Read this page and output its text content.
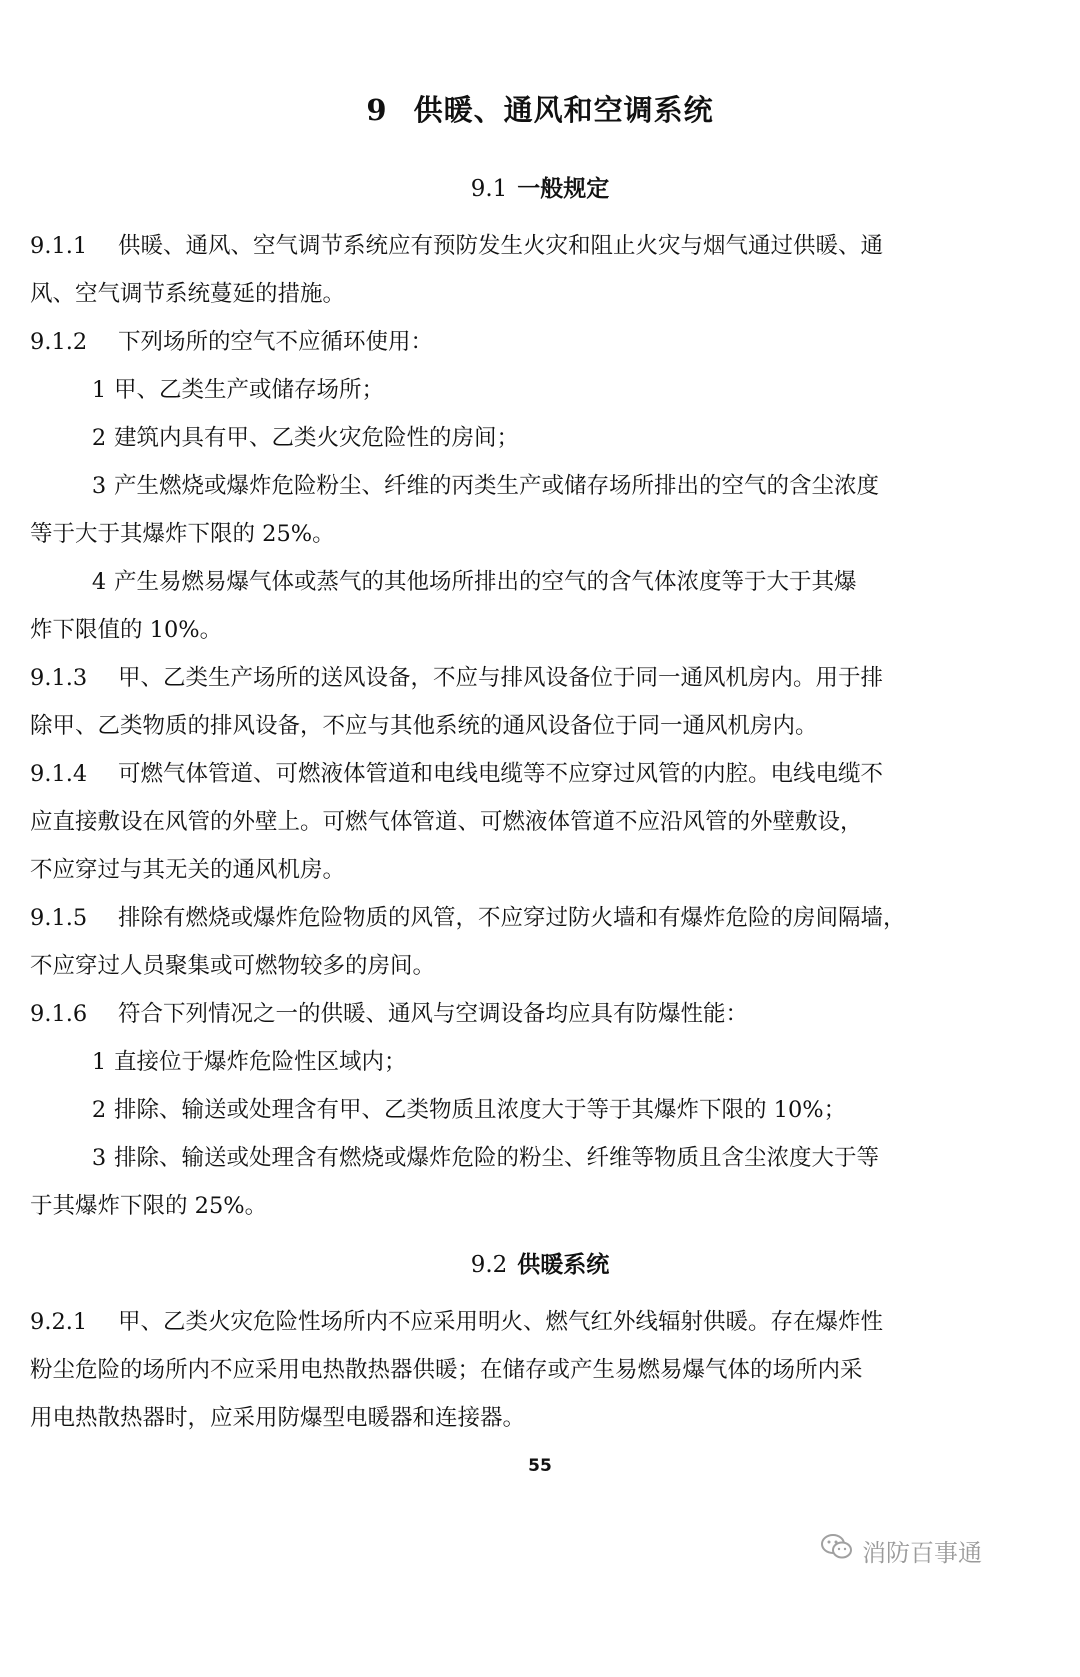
9 供暖、通风和空调系统
9.1 一般规定
9.1.1 供暖、通风、空气调节系统应有预防发生火灾和阻止火灾与烟气通过供暖、通
风、空气调节系统蔓延的措施。
9.1.2 下列场所的空气不应循环使用：
1 甲、乙类生产或储存场所；
2 建筑内具有甲、乙类火灾危险性的房间；
3 产生燃烧或爆炸危险粉尘、纤维的丙类生产或储存场所排出的空气的含尘浓度
等于大于其爆炸下限的 25%。
4 产生易燃易爆气体或蒸气的其他场所排出的空气的含气体浓度等于大于其爆
炸下限值的 10%。
9.1.3 甲、乙类生产场所的送风设备，不应与排风设备位于同一通风机房内。用于排
除甲、乙类物质的排风设备，不应与其他系统的通风设备位于同一通风机房内。
9.1.4 可燃气体管道、可燃液体管道和电线电缆等不应穿过风管的内腔。电线电缆不
应直接敷设在风管的外壁上。可燃气体管道、可燃液体管道不应沿风管的外壁敷设，
不应穿过与其无关的通风机房。
9.1.5 排除有燃烧或爆炸危险物质的风管，不应穿过防火墙和有爆炸危险的房间隔墙，
不应穿过人员聚集或可燃物较多的房间。
9.1.6 符合下列情况之一的供暖、通风与空调设备均应具有防爆性能：
1 直接位于爆炸危险性区域内；
2 排除、输送或处理含有甲、乙类物质且浓度大于等于其爆炸下限的 10%；
3 排除、输送或处理含有燃烧或爆炸危险的粉尘、纤维等物质且含尘浓度大于等
于其爆炸下限的 25%。
9.2 供暖系统
9.2.1 甲、乙类火灾危险性场所内不应采用明火、燃气红外线辐射供暖。存在爆炸性
粉尘危险的场所内不应采用电热散热器供暖；在储存或产生易燃易爆气体的场所内采
用电热散热器时，应采用防爆型电暖器和连接器。
55
消防百事通
